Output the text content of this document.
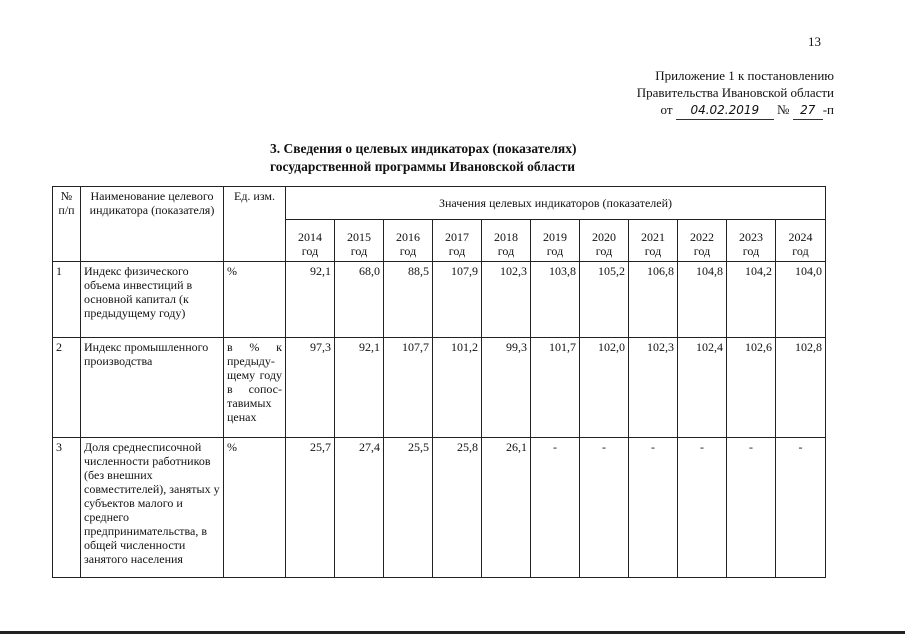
13
Приложение 1 к постановлению
Правительства Ивановской области
от 04.02.2019 № 27 -п
3. Сведения о целевых индикаторах (показателях)
государственной программы Ивановской области
№ п/п	Наименование целевого индикатора (показателя)	Ед. изм.	Значения целевых индикаторов (показателей)										
			2014 год	2015 год	2016 год	2017 год	2018 год	2019 год	2020 год	2021 год	2022 год	2023 год	2024 год
1	Индекс физического объема инвестиций в основной капитал (к предыдущему году)	%	92,1	68,0	88,5	107,9	102,3	103,8	105,2	106,8	104,8	104,2	104,0
2	Индекс промышленного производства	в % к предыду-щему году в сопос-тавимых ценах	97,3	92,1	107,7	101,2	99,3	101,7	102,0	102,3	102,4	102,6	102,8
3	Доля среднесписочной численности работников (без внешних совместителей), занятых у субъектов малого и среднего предпринимательства, в общей численности занятого населения	%	25,7	27,4	25,5	25,8	26,1	-	-	-	-	-	-
